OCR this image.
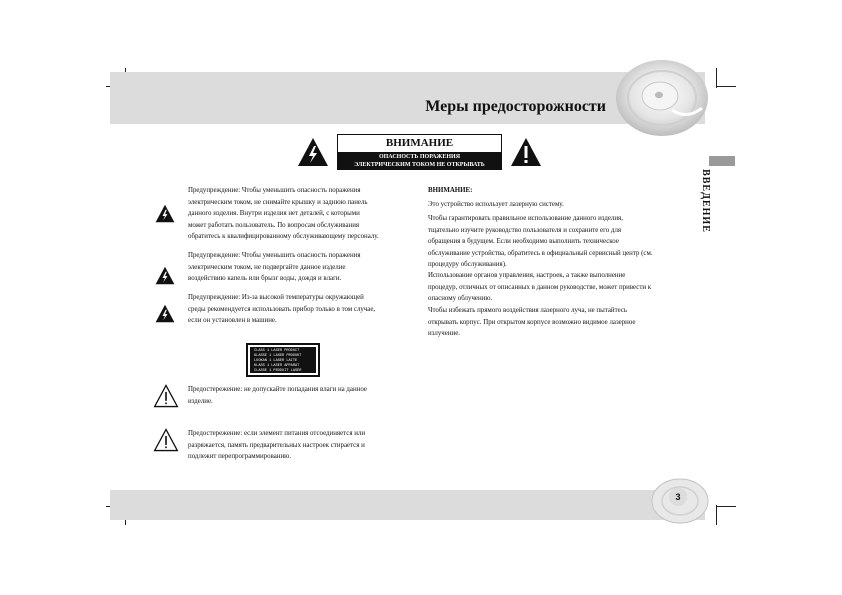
Меры предосторожности
ВВЕДЕНИЕ
ВНИМАНИЕ
ОПАСНОСТЬ ПОРАЖЕНИЯ
ЭЛЕКТРИЧЕСКИМ ТОКОМ НЕ ОТКРЫВАТЬ
Предупреждение: Чтобы уменьшить опасность поражения
электрическим током, не снимайте крышку и заднюю панель
данного изделия. Внутри изделия нет деталей, с которыми
может работать пользователь. По вопросам обслуживания
обратитесь к квалифицированному обслуживающему персоналу.
Предупреждение: Чтобы уменьшить опасность поражения
электрическим током, не подвергайте данное изделие
воздействию капель или брызг воды, дождя и влаги.
Предупреждение: Из-за высокой температуры окружающей
среды рекомендуется использовать прибор только в том случае,
если он установлен в машине.
CLASS 1 LASER PRODUCT
KLASSE 1 LASER PRODUKT
LUOKAN 1 LASER LAITE
KLASS 1 LASER APPARAT
CLASSE 1 PRODUIT LASER
Предостережение: не допускайте попадания влаги на данное
изделие.
Предостережение: если элемент питания отсоединяется или
разряжается, память предварительных настроек стирается и
подлежит перепрограммированию.
ВНИМАНИЕ:
Это устройство использует лазерную систему.
Чтобы гарантировать правильное использование данного изделия,
тщательно изучите руководство пользователя и сохраните его для
обращения в будущем. Если необходимо выполнить техническое
обслуживание устройства, обратитесь в официальный сервисный центр (см.
процедуру обслуживания).
Использование органов управления, настроек, а также выполнение
процедур, отличных от описанных в данном руководстве, может привести к
опасному облучению.
Чтобы избежать прямого воздействия лазерного луча, не пытайтесь
открывать корпус. При открытом корпусе возможно видимое лазерное
излучение.
3
